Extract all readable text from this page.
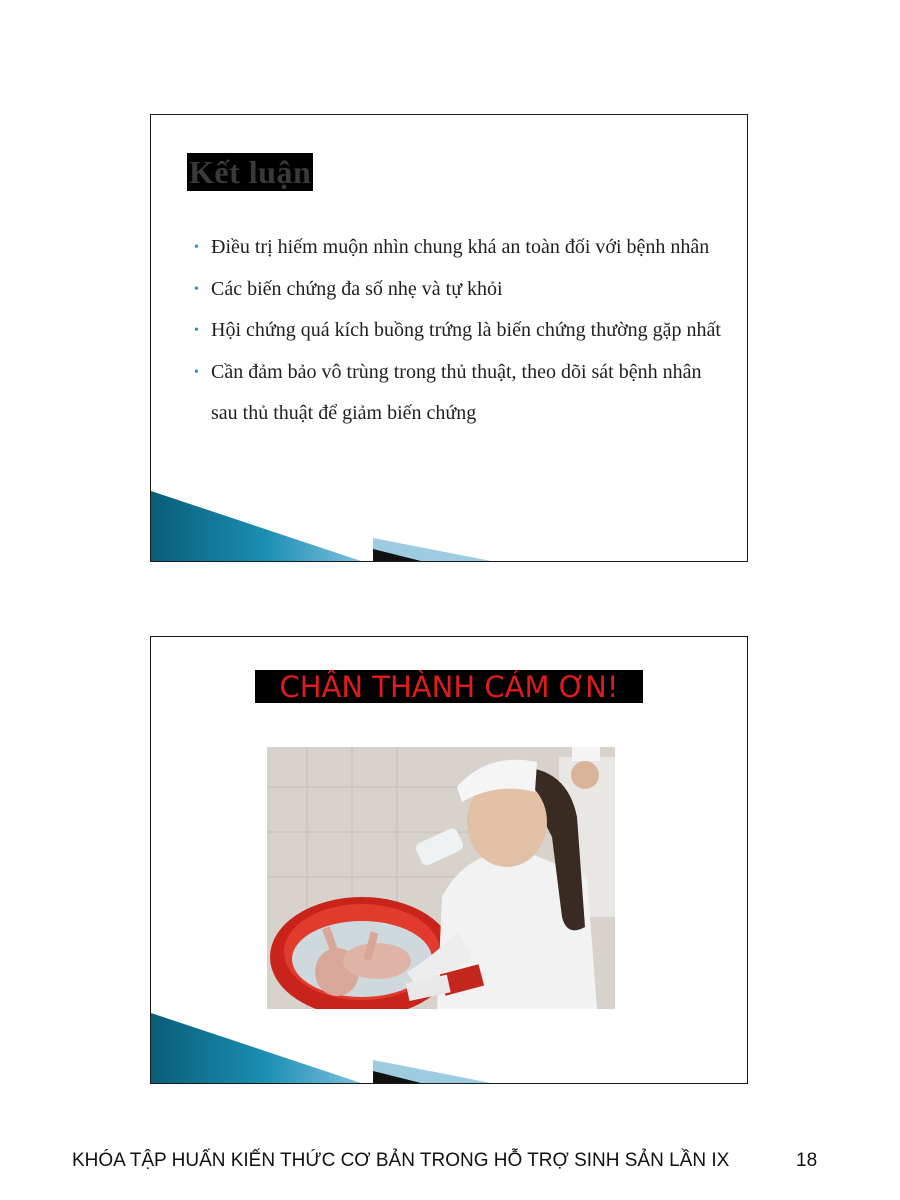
Kết luận
• Điều trị hiếm muộn nhìn chung khá an toàn đối với bệnh nhân
• Các biến chứng đa số nhẹ và tự khỏi
• Hội chứng quá kích buồng trứng là biến chứng thường gặp nhất
• Cần đảm bảo vô trùng trong thủ thuật, theo dõi sát bệnh nhân sau thủ thuật để giảm biến chứng
CHÂN THÀNH CẢM ƠN!
KHÓA TẬP HUẤN KIẾN THỨC CƠ BẢN TRONG HỖ TRỢ SINH SẢN LẦN IX	18
